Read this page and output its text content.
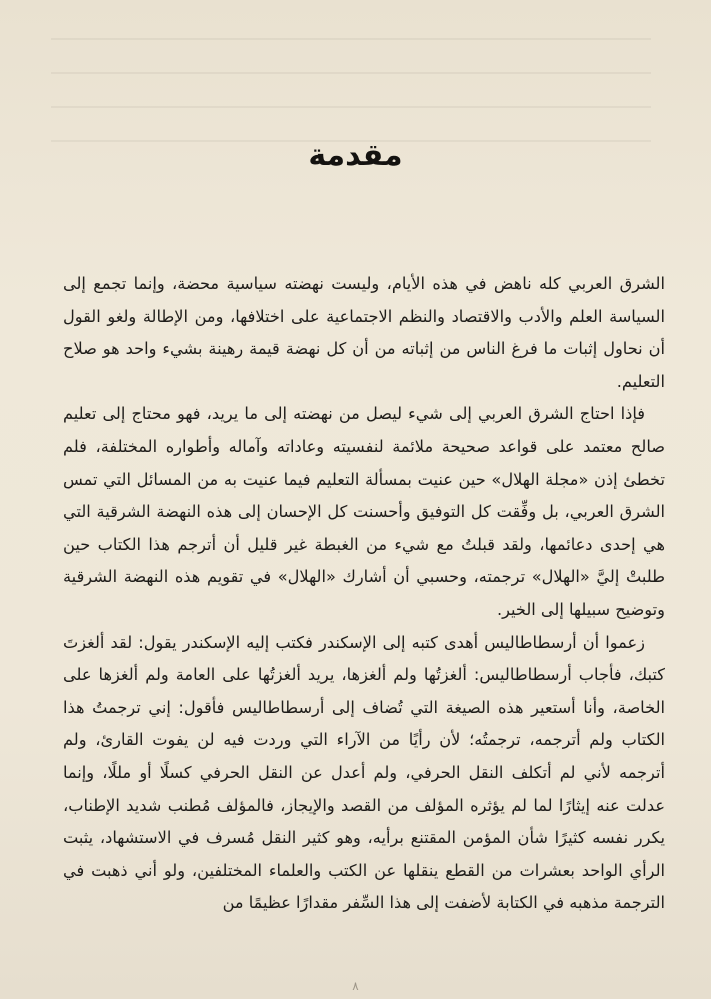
مقدمة

الشرق العربي كله ناهض في هذه الأيام، وليست نهضته سياسية محضة، وإنما تجمع إلى السياسة العلم والأدب والاقتصاد والنظم الاجتماعية على اختلافها، ومن الإطالة ولغو القول أن نحاول إثبات ما فرغ الناس من إثباته من أن كل نهضة قيمة رهينة بشيء واحد هو صلاح التعليم.

فإذا احتاج الشرق العربي إلى شيء ليصل من نهضته إلى ما يريد، فهو محتاج إلى تعليم صالح معتمد على قواعد صحيحة ملائمة لنفسيته وعاداته وآماله وأطواره المختلفة، فلم تخطئ إذن «مجلة الهلال» حين عنيت بمسألة التعليم فيما عنيت به من المسائل التي تمس الشرق العربي، بل وفِّقت كل التوفيق وأحسنت كل الإحسان إلى هذه النهضة الشرقية التي هي إحدى دعائمها، ولقد قبلتُ مع شيء من الغبطة غير قليل أن أترجم هذا الكتاب حين طلبتْ إليَّ «الهلال» ترجمته، وحسبي أن أشارك «الهلال» في تقويم هذه النهضة الشرقية وتوضيح سبيلها إلى الخير.

زعموا أن أرسطاطاليس أهدى كتبه إلى الإسكندر فكتب إليه الإسكندر يقول: لقد ألغزتَ كتبك، فأجاب أرسطاطاليس: ألغزتُها ولم ألغزها، يريد ألغزتُها على العامة ولم ألغزها على الخاصة، وأنا أستعير هذه الصيغة التي تُضاف إلى أرسطاطاليس فأقول: إني ترجمتُ هذا الكتاب ولم أترجمه، ترجمتُه؛ لأن رأيًا من الآراء التي وردت فيه لن يفوت القارئ، ولم أترجمه لأني لم أتكلف النقل الحرفي، ولم أعدل عن النقل الحرفي كسلًا أو مللًا، وإنما عدلت عنه إيثارًا لما لم يؤثره المؤلف من القصد والإيجاز، فالمؤلف مُطنب شديد الإطناب، يكرر نفسه كثيرًا شأن المؤمن المقتنع برأيه، وهو كثير النقل مُسرف في الاستشهاد، يثبت الرأي الواحد بعشرات من القطع ينقلها عن الكتب والعلماء المختلفين، ولو أني ذهبت في الترجمة مذهبه في الكتابة لأضفت إلى هذا السِّفر مقدارًا عظيمًا من

٨
